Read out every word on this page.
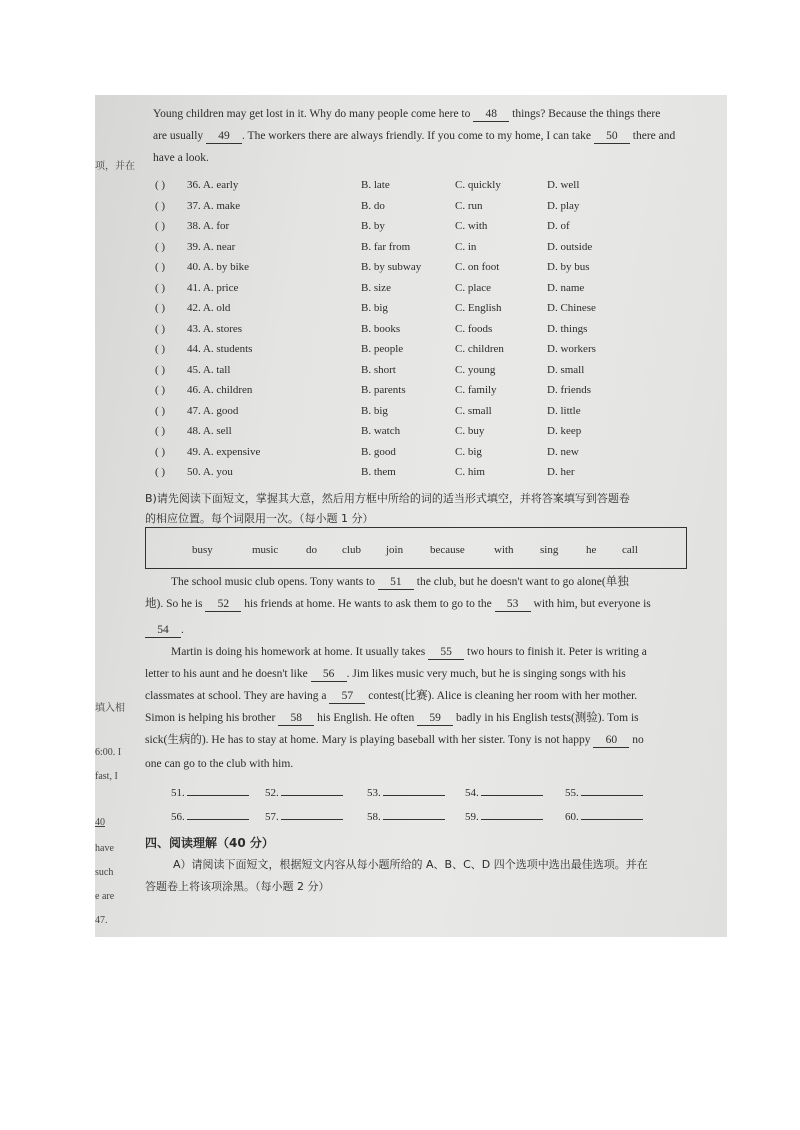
项，并在
填入相
6:00. I
fast, I
40
have
such
e are
47.
Young children may get lost in it. Why do many people come here to 48 things? Because the things there
are usually 49 . The workers there are always friendly. If you come to my home, I can take 50 there and
have a look.
( ) 36. A. early	B. late	C. quickly	D. well
( ) 37. A. make	B. do	C. run	D. play
( ) 38. A. for	B. by	C. with	D. of
( ) 39. A. near	B. far from	C. in	D. outside
( ) 40. A. by bike	B. by subway	C. on foot	D. by bus
( ) 41. A. price	B. size	C. place	D. name
( ) 42. A. old	B. big	C. English	D. Chinese
( ) 43. A. stores	B. books	C. foods	D. things
( ) 44. A. students	B. people	C. children	D. workers
( ) 45. A. tall	B. short	C. young	D. small
( ) 46. A. children	B. parents	C. family	D. friends
( ) 47. A. good	B. big	C. small	D. little
( ) 48. A. sell	B. watch	C. buy	D. keep
( ) 49. A. expensive	B. good	C. big	D. new
( ) 50. A. you	B. them	C. him	D. her
B)请先阅读下面短文，掌握其大意，然后用方框中所给的词的适当形式填空，并将答案填写到答题卷
的相应位置。每个词限用一次。（每小题 1 分）
busy	music	do club join because	with sing	he call
The school music club opens. Tony wants to 51 the club, but he doesn't want to go alone(单独
地). So he is 52 his friends at home. He wants to ask them to go to the 53 with him, but everyone is
54 .
Martin is doing his homework at home. It usually takes 55 two hours to finish it. Peter is writing a
letter to his aunt and he doesn't like 56 . Jim likes music very much, but he is singing songs with his
classmates at school. They are having a 57 contest(比赛). Alice is cleaning her room with her mother.
Simon is helping his brother 58 his English. He often 59 badly in his English tests(测验). Tom is
sick(生病的). He has to stay at home. Mary is playing baseball with her sister. Tony is not happy 60 no
one can go to the club with him.
51.	52.	53.	54.	55.
56.	57.	58.	59.	60.
四、阅读理解（40 分）
A）请阅读下面短文，根据短文内容从每小题所给的 A、B、C、D 四个选项中选出最佳选项。并在
答题卷上将该项涂黑。（每小题 2 分）
